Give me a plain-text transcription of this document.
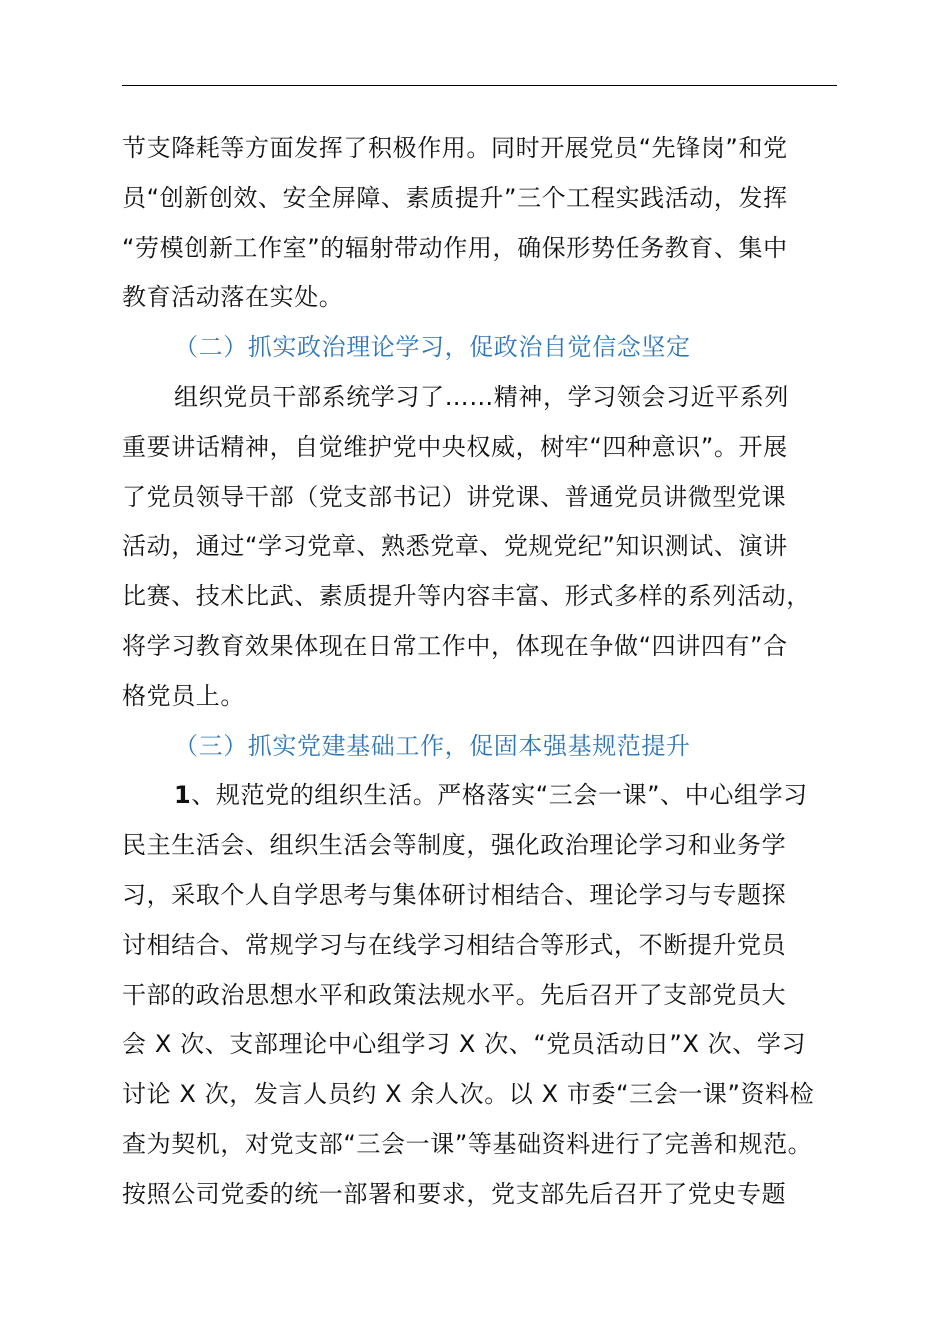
节支降耗等方面发挥了积极作用。同时开展党员“先锋岗”和党
员“创新创效、安全屏障、素质提升”三个工程实践活动，发挥
“劳模创新工作室”的辐射带动作用，确保形势任务教育、集中
教育活动落在实处。
（二）抓实政治理论学习，促政治自觉信念坚定
组织党员干部系统学习了……精神，学习领会习近平系列
重要讲话精神，自觉维护党中央权威，树牢“四种意识”。开展
了党员领导干部（党支部书记）讲党课、普通党员讲微型党课
活动，通过“学习党章、熟悉党章、党规党纪”知识测试、演讲
比赛、技术比武、素质提升等内容丰富、形式多样的系列活动，
将学习教育效果体现在日常工作中，体现在争做“四讲四有”合
格党员上。
（三）抓实党建基础工作，促固本强基规范提升
1、规范党的组织生活。严格落实“三会一课”、中心组学习
民主生活会、组织生活会等制度，强化政治理论学习和业务学
习，采取个人自学思考与集体研讨相结合、理论学习与专题探
讨相结合、常规学习与在线学习相结合等形式，不断提升党员
干部的政治思想水平和政策法规水平。先后召开了支部党员大
会 X 次、支部理论中心组学习 X 次、“党员活动日”X 次、学习
讨论 X 次，发言人员约 X 余人次。以 X 市委“三会一课”资料检
查为契机，对党支部“三会一课”等基础资料进行了完善和规范。
按照公司党委的统一部署和要求，党支部先后召开了党史专题
